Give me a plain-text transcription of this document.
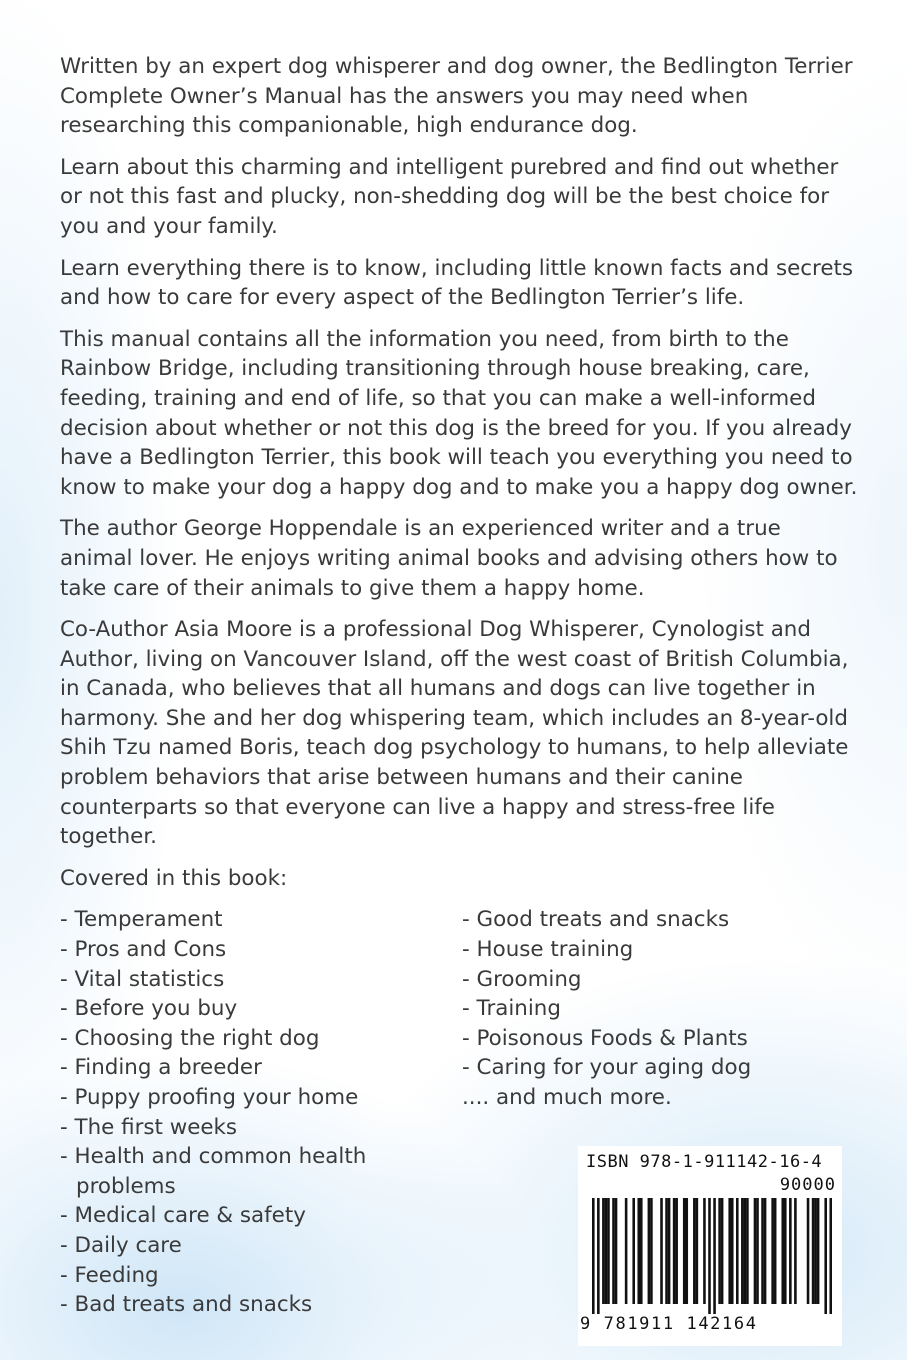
Written by an expert dog whisperer and dog owner, the Bedlington Terrier Complete Owner’s Manual has the answers you may need when researching this companionable, high endurance dog.

Learn about this charming and intelligent purebred and find out whether or not this fast and plucky, non-shedding dog will be the best choice for you and your family.

Learn everything there is to know, including little known facts and secrets and how to care for every aspect of the Bedlington Terrier’s life.

This manual contains all the information you need, from birth to the Rainbow Bridge, including transitioning through house breaking, care, feeding, training and end of life, so that you can make a well-informed decision about whether or not this dog is the breed for you. If you already have a Bedlington Terrier, this book will teach you everything you need to know to make your dog a happy dog and to make you a happy dog owner.

The author George Hoppendale is an experienced writer and a true animal lover. He enjoys writing animal books and advising others how to take care of their animals to give them a happy home.

Co-Author Asia Moore is a professional Dog Whisperer, Cynologist and Author, living on Vancouver Island, off the west coast of British Columbia, in Canada, who believes that all humans and dogs can live together in harmony. She and her dog whispering team, which includes an 8-year-old Shih Tzu named Boris, teach dog psychology to humans, to help alleviate problem behaviors that arise between humans and their canine counterparts so that everyone can live a happy and stress-free life together.

Covered in this book:

- Temperament
- Pros and Cons
- Vital statistics
- Before you buy
- Choosing the right dog
- Finding a breeder
- Puppy proofing your home
- The first weeks
- Health and common health problems
- Medical care & safety
- Daily care
- Feeding
- Bad treats and snacks
- Good treats and snacks
- House training
- Grooming
- Training
- Poisonous Foods & Plants
- Caring for your aging dog
.... and much more.
ISBN 978-1-911142-16-4
90000
9 781911 142164
